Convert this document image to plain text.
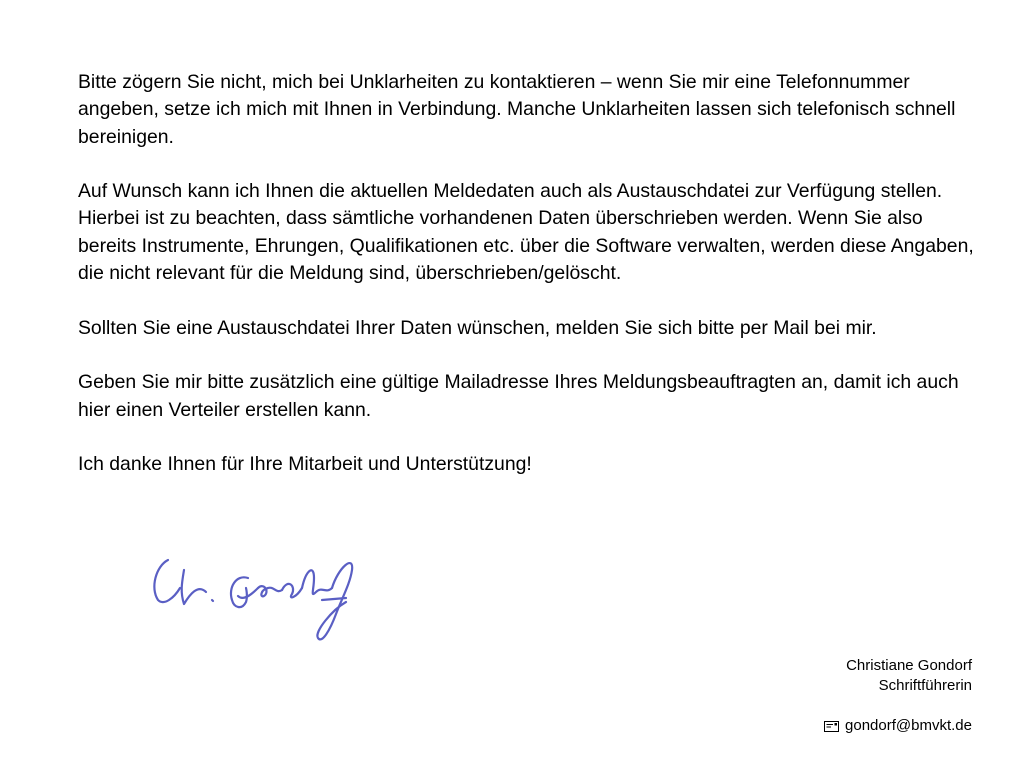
Bitte zögern Sie nicht, mich bei Unklarheiten zu kontaktieren – wenn Sie mir eine Telefonnummer angeben, setze ich mich mit Ihnen in Verbindung. Manche Unklarheiten lassen sich telefonisch schnell bereinigen.

Auf Wunsch kann ich Ihnen die aktuellen Meldedaten auch als Austauschdatei zur Verfügung stellen. Hierbei ist zu beachten, dass sämtliche vorhandenen Daten überschrieben werden. Wenn Sie also bereits Instrumente, Ehrungen, Qualifikationen etc. über die Software verwalten, werden diese Angaben, die nicht relevant für die Meldung sind, überschrieben/gelöscht.

Sollten Sie eine Austauschdatei Ihrer Daten wünschen, melden Sie sich bitte per Mail bei mir.

Geben Sie mir bitte zusätzlich eine gültige Mailadresse Ihres Meldungsbeauftragten an, damit ich auch hier einen Verteiler erstellen kann.

Ich danke Ihnen für Ihre Mitarbeit und Unterstützung!

Christiane Gondorf
Schriftführerin
gondorf@bmvkt.de
